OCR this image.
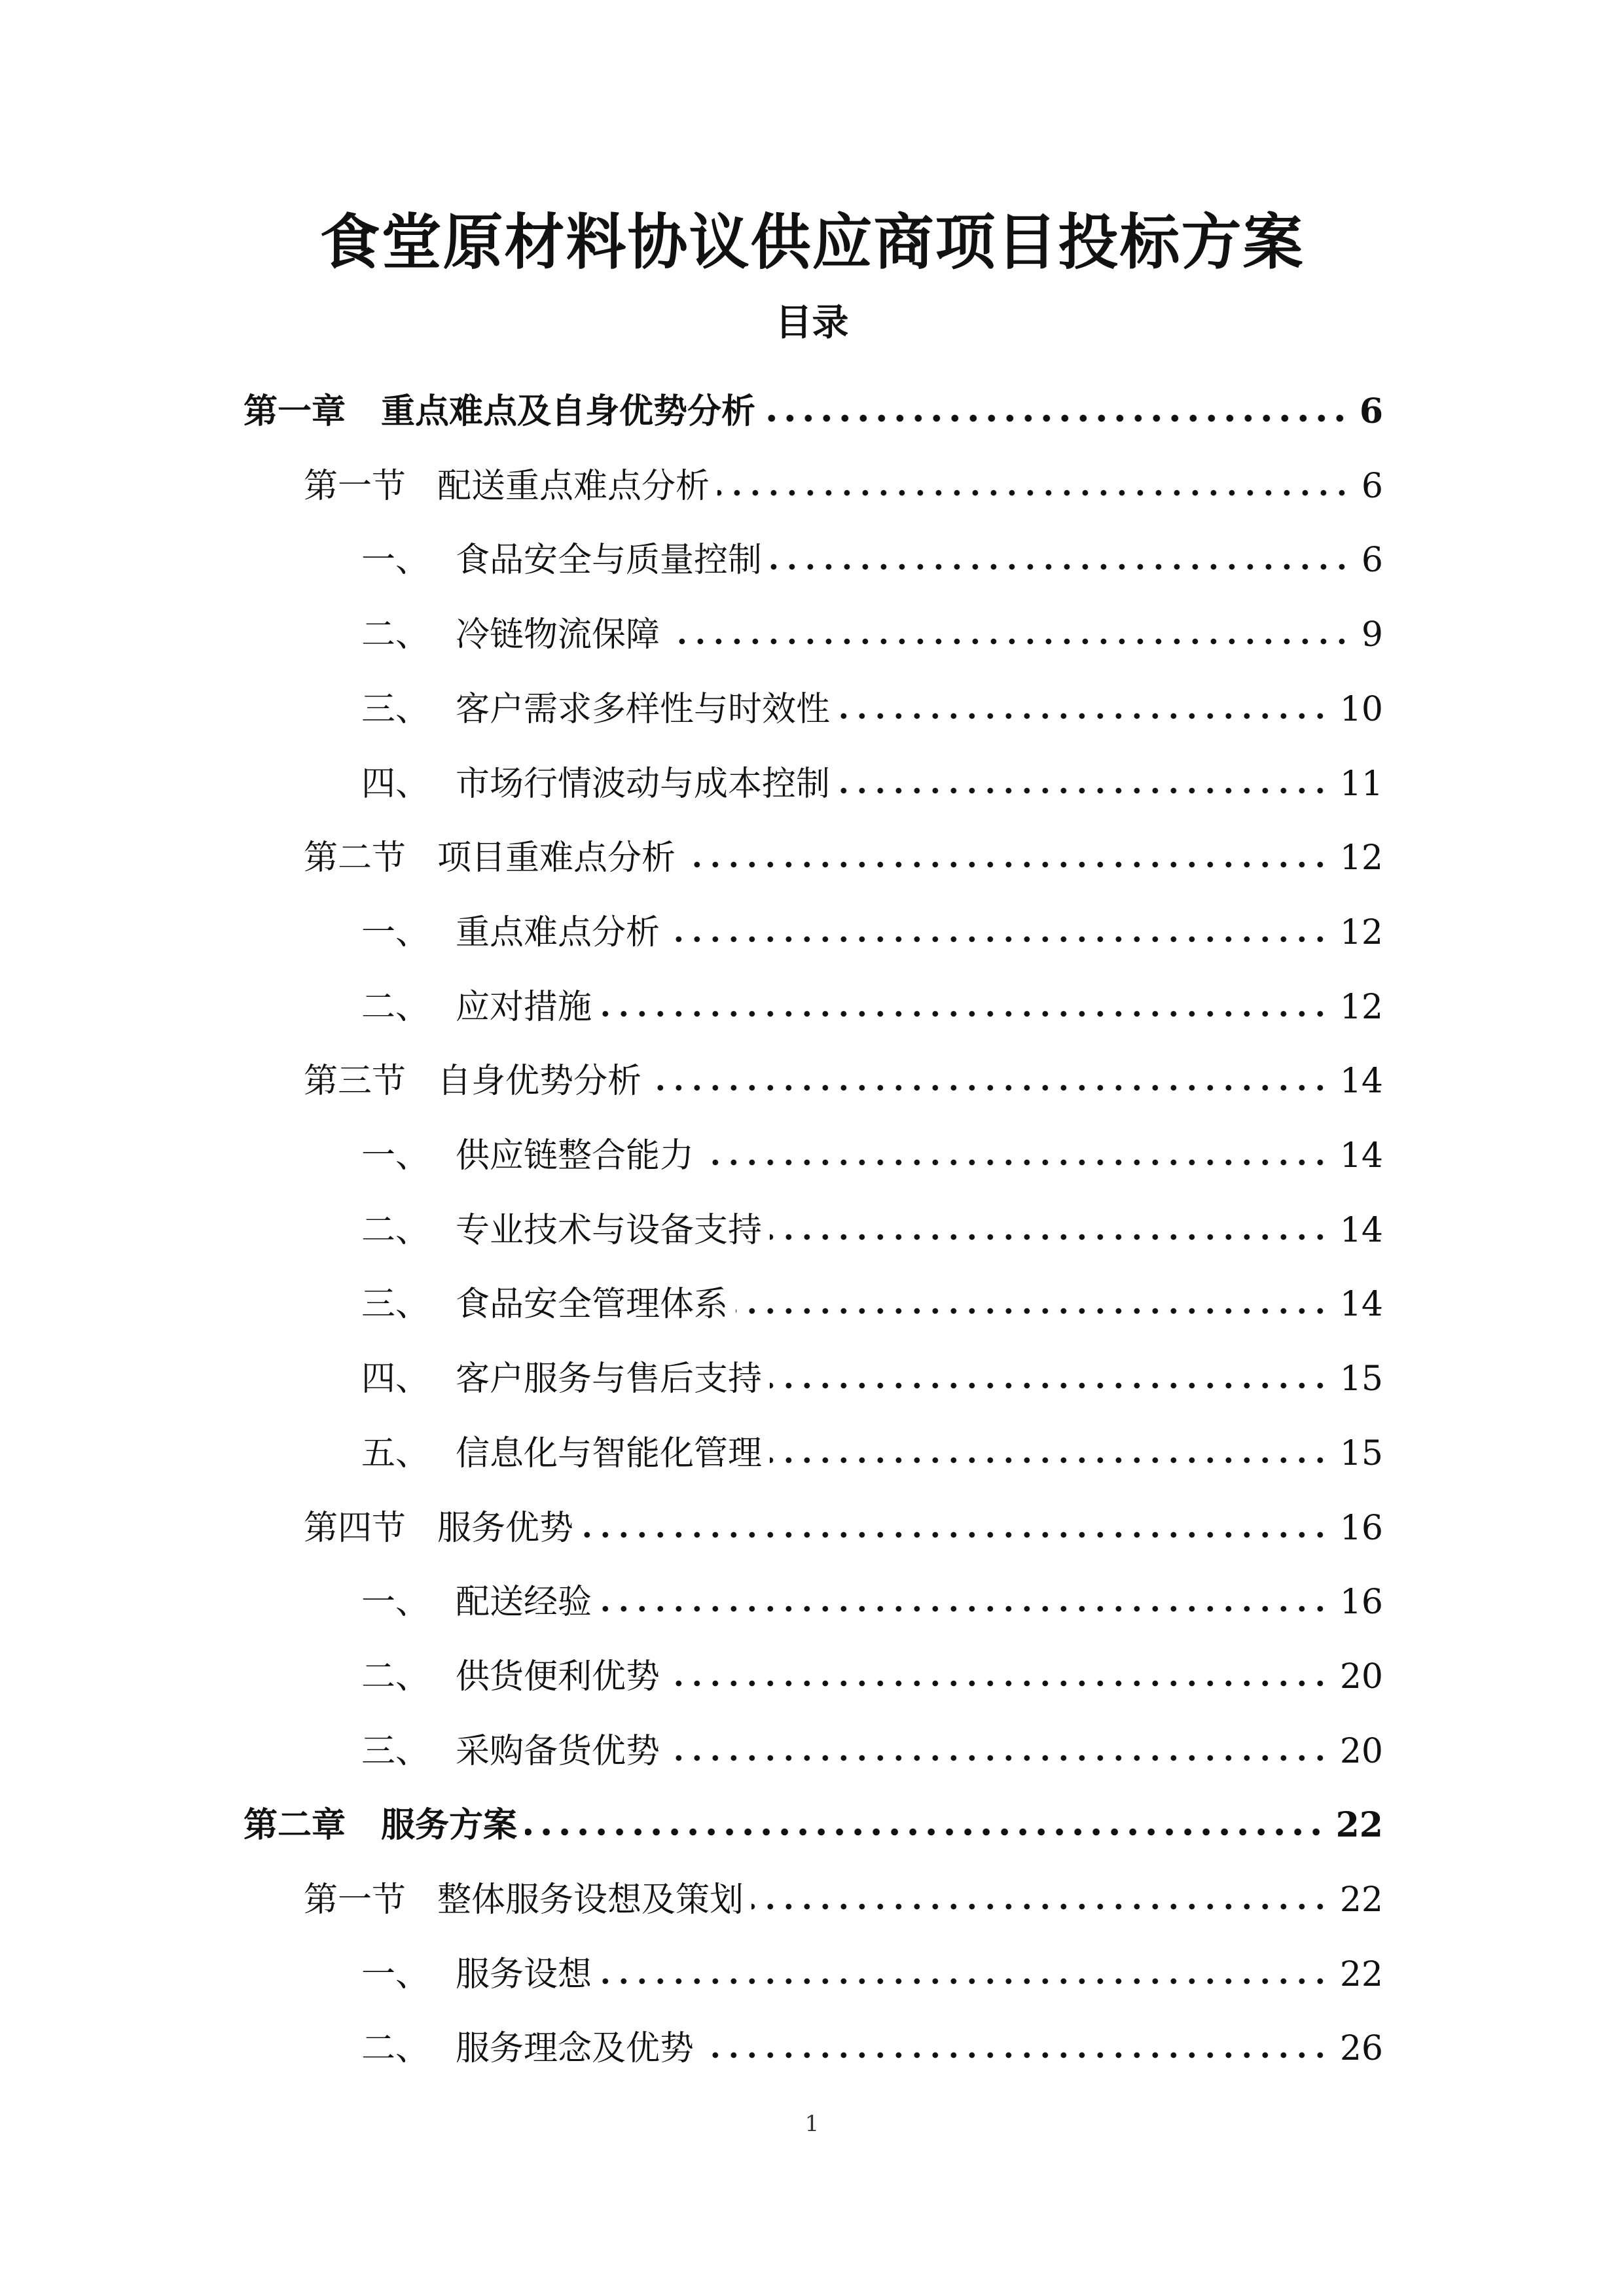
食堂原材料协议供应商项目投标方案
目录
第一章	重点难点及自身优势分析	6
第一节 配送重点难点分析	6
一、 食品安全与质量控制	6
二、 冷链物流保障	9
三、 客户需求多样性与时效性	10
四、 市场行情波动与成本控制	11
第二节 项目重难点分析	12
一、 重点难点分析	12
二、 应对措施	12
第三节 自身优势分析	14
一、 供应链整合能力	14
二、 专业技术与设备支持	14
三、 食品安全管理体系	14
四、 客户服务与售后支持	15
五、 信息化与智能化管理	15
第四节 服务优势	16
一、 配送经验	16
二、 供货便利优势	20
三、 采购备货优势	20
第二章	服务方案	22
第一节 整体服务设想及策划	22
一、 服务设想	22
二、 服务理念及优势	26
1
